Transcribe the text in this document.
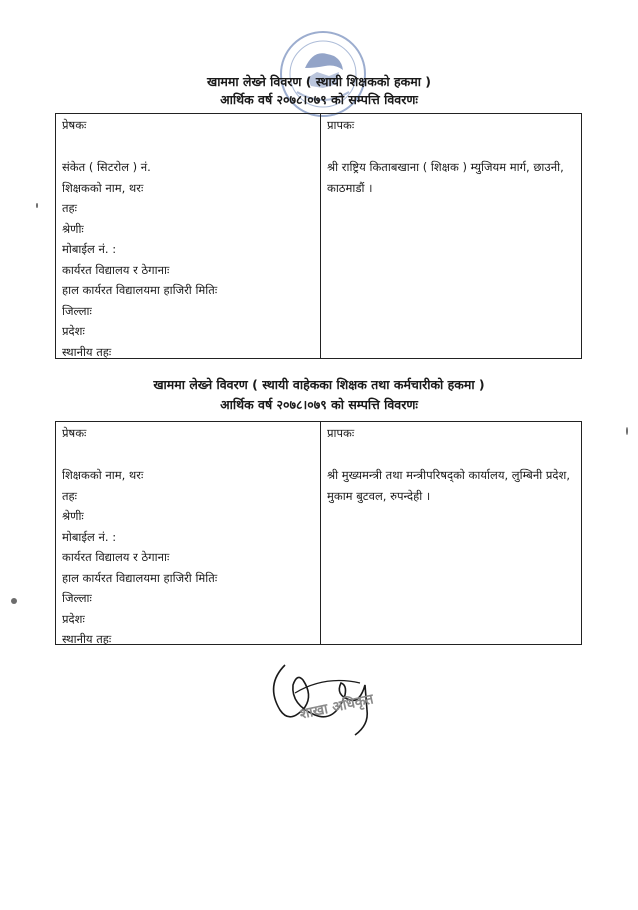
खाममा लेख्ने विवरण ( स्थायी शिक्षकको हकमा )
आर्थिक वर्ष २०७८।०७९ को सम्पत्ति विवरणः
प्रेषकः
संकेत ( सिटरोल ) नं.
शिक्षकको नाम, थरः
तहः
श्रेणीः
मोबाईल नं. :
कार्यरत विद्यालय र ठेगानाः
हाल कार्यरत विद्यालयमा हाजिरी मितिः
जिल्लाः
प्रदेशः
स्थानीय तहः
प्रापकः
श्री राष्ट्रिय किताबखाना ( शिक्षक ) म्युजियम मार्ग, छाउनी, काठमाडौं ।
खाममा लेख्ने विवरण ( स्थायी वाहेकका शिक्षक तथा कर्मचारीको हकमा )
आर्थिक वर्ष २०७८।०७९ को सम्पत्ति विवरणः
प्रेषकः
शिक्षकको नाम, थरः
तहः
श्रेणीः
मोबाईल नं. :
कार्यरत विद्यालय र ठेगानाः
हाल कार्यरत विद्यालयमा हाजिरी मितिः
जिल्लाः
प्रदेशः
स्थानीय तहः
प्रापकः
श्री मुख्यमन्त्री तथा मन्त्रीपरिषद्को कार्यालय, लुम्बिनी प्रदेश, मुकाम बुटवल, रुपन्देही ।
शाखा अधिकृत
